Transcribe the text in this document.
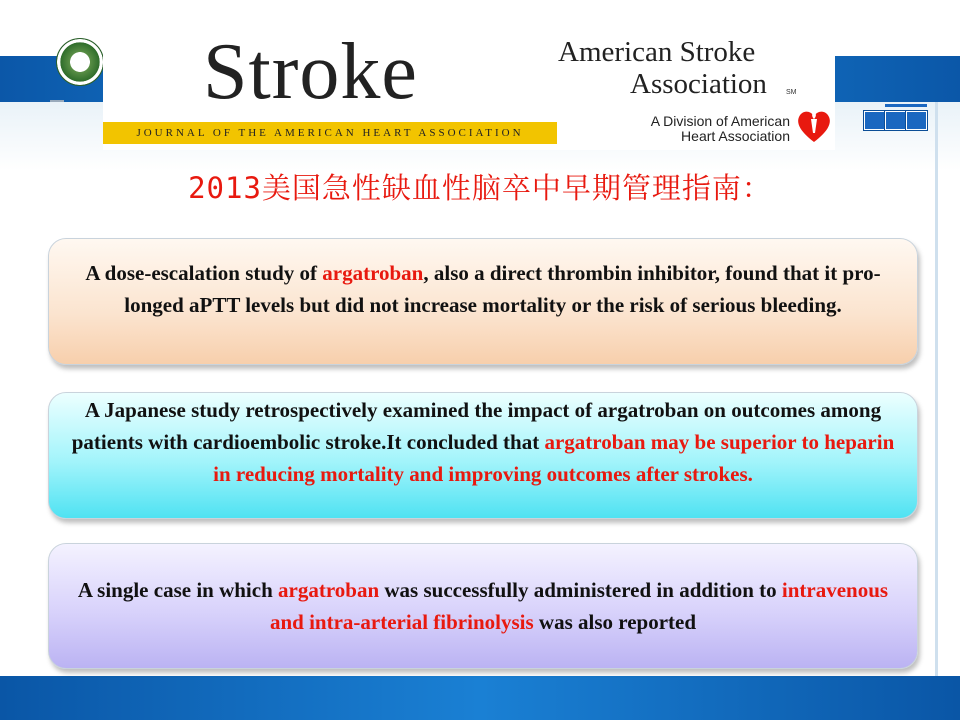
Stroke
JOURNAL OF THE AMERICAN HEART ASSOCIATION
American Stroke
Association	SM
A Division of American
Heart Association
2013美国急性缺血性脑卒中早期管理指南：
A dose-escalation study of argatroban, also a direct thrombin inhibitor, found that it pro-longed aPTT levels but did not increase mortality or the risk of serious bleeding.
A Japanese study retrospectively examined the impact of argatroban on outcomes among patients with cardioembolic stroke.It concluded that argatroban may be superior to heparin in reducing mortality and improving outcomes after strokes.
A single case in which argatroban was successfully administered in addition to intravenous and intra-arterial fibrinolysis was also reported
